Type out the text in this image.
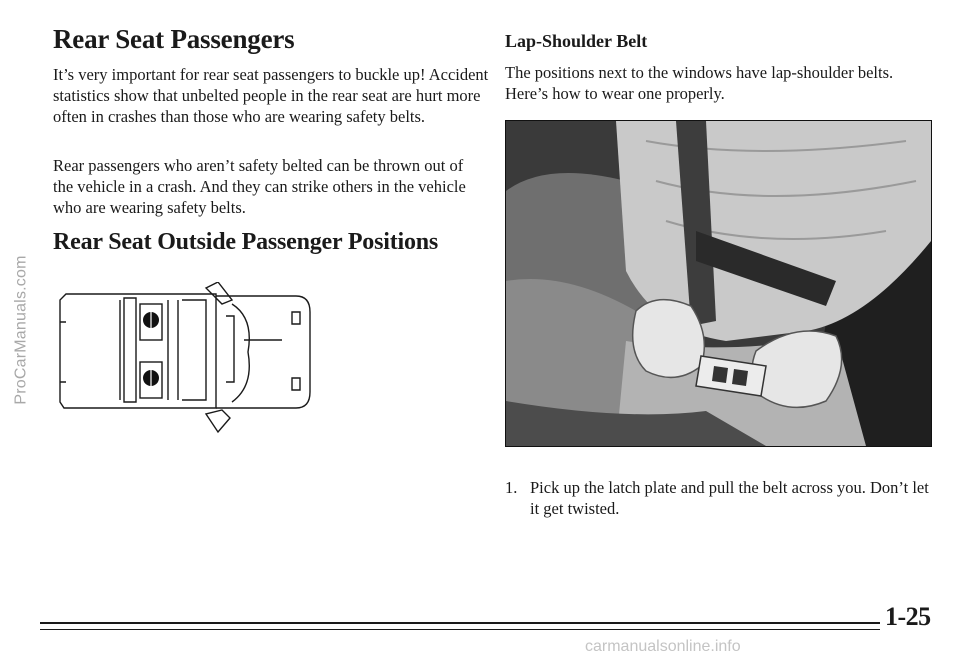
ProCarManuals.com
Rear Seat Passengers

It’s very important for rear seat passengers to buckle up! Accident statistics show that unbelted people in the rear seat are hurt more often in crashes than those who are wearing safety belts.

Rear passengers who aren’t safety belted can be thrown out of the vehicle in a crash. And they can strike others in the vehicle who are wearing safety belts.

Rear Seat Outside Passenger Positions
Lap-Shoulder Belt

The positions next to the windows have lap-shoulder belts. Here’s how to wear one properly.

1. Pick up the latch plate and pull the belt across you. Don’t let it get twisted.

1-25

carmanualsonline.info
